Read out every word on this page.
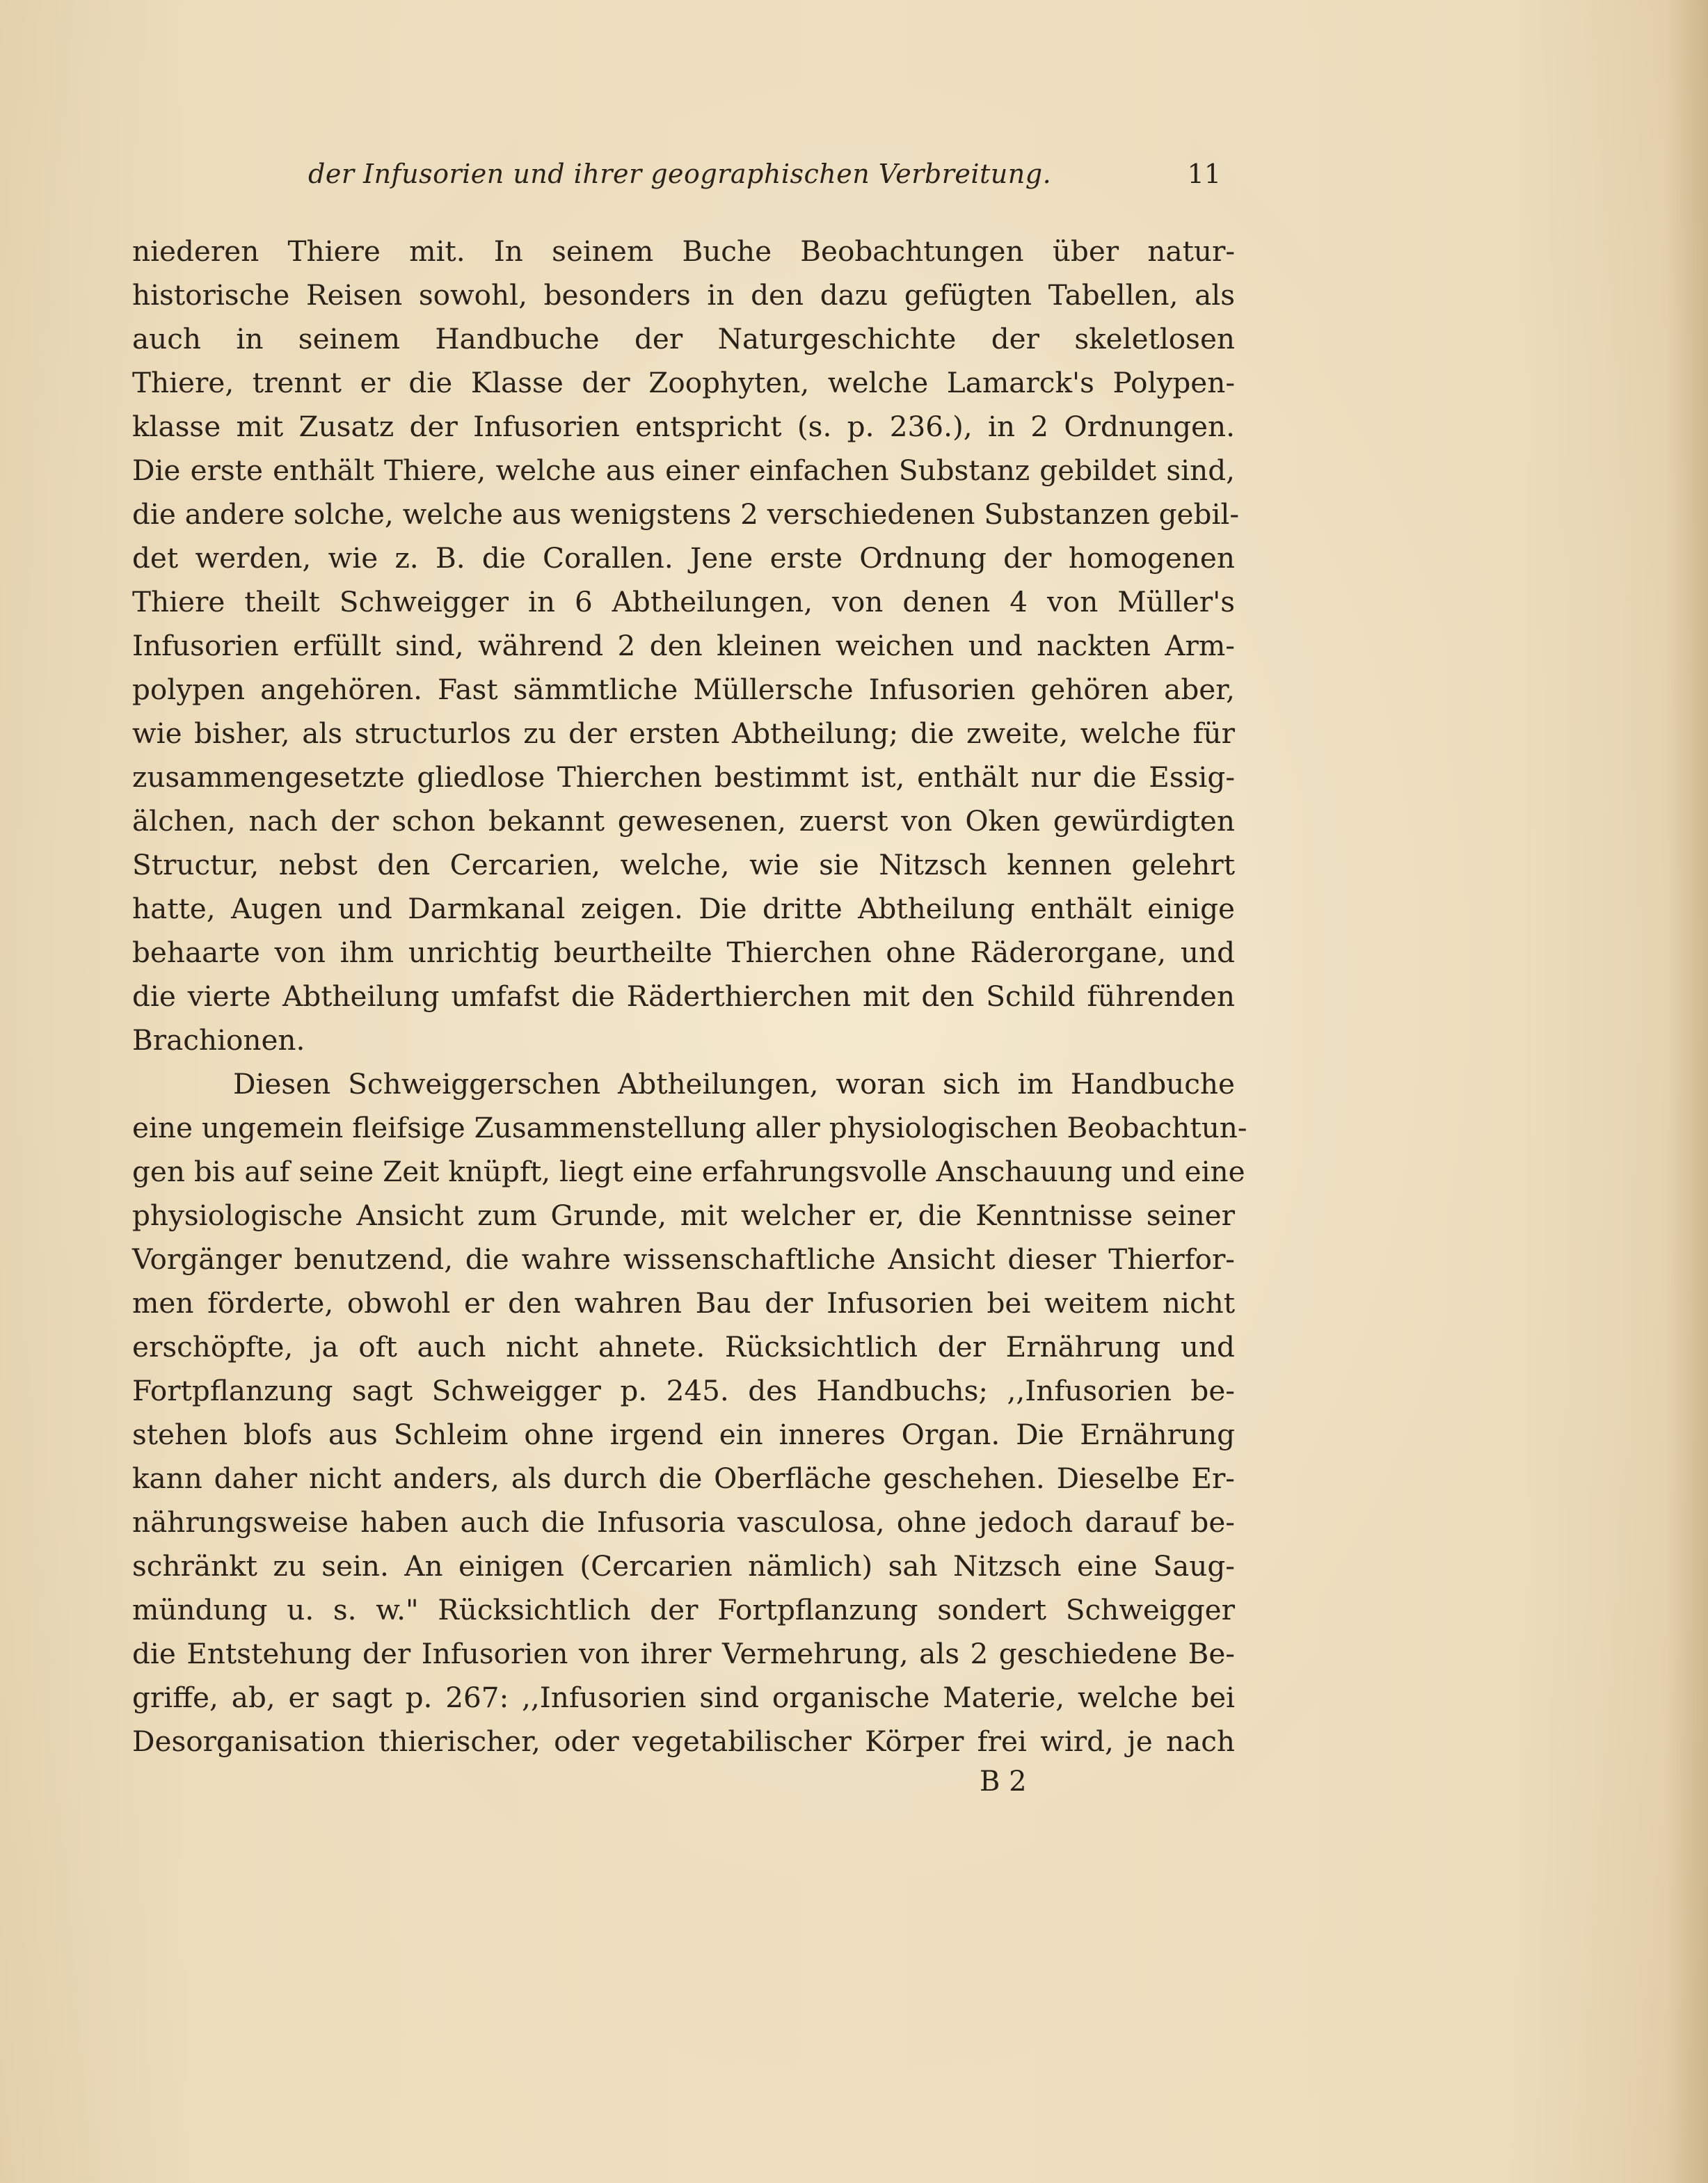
der Infusorien und ihrer geographischen Verbreitung.	11
niederen Thiere mit. In seinem Buche Beobachtungen über natur-
historische Reisen sowohl, besonders in den dazu gefügten Tabellen, als
auch in seinem Handbuche der Naturgeschichte der skeletlosen
Thiere, trennt er die Klasse der Zoophyten, welche Lamarck's Polypen-
klasse mit Zusatz der Infusorien entspricht (s. p. 236.), in 2 Ordnungen.
Die erste enthält Thiere, welche aus einer einfachen Substanz gebildet sind,
die andere solche, welche aus wenigstens 2 verschiedenen Substanzen gebil-
det werden, wie z. B. die Corallen. Jene erste Ordnung der homogenen
Thiere theilt Schweigger in 6 Abtheilungen, von denen 4 von Müller's
Infusorien erfüllt sind, während 2 den kleinen weichen und nackten Arm-
polypen angehören. Fast sämmtliche Müllersche Infusorien gehören aber,
wie bisher, als structurlos zu der ersten Abtheilung; die zweite, welche für
zusammengesetzte gliedlose Thierchen bestimmt ist, enthält nur die Essig-
älchen, nach der schon bekannt gewesenen, zuerst von Oken gewürdigten
Structur, nebst den Cercarien, welche, wie sie Nitzsch kennen gelehrt
hatte, Augen und Darmkanal zeigen. Die dritte Abtheilung enthält einige
behaarte von ihm unrichtig beurtheilte Thierchen ohne Räderorgane, und
die vierte Abtheilung umfafst die Räderthierchen mit den Schild führenden
Brachionen.
Diesen Schweiggerschen Abtheilungen, woran sich im Handbuche
eine ungemein fleifsige Zusammenstellung aller physiologischen Beobachtun-
gen bis auf seine Zeit knüpft, liegt eine erfahrungsvolle Anschauung und eine
physiologische Ansicht zum Grunde, mit welcher er, die Kenntnisse seiner
Vorgänger benutzend, die wahre wissenschaftliche Ansicht dieser Thierfor-
men förderte, obwohl er den wahren Bau der Infusorien bei weitem nicht
erschöpfte, ja oft auch nicht ahnete. Rücksichtlich der Ernährung und
Fortpflanzung sagt Schweigger p. 245. des Handbuchs; ,,Infusorien be-
stehen blofs aus Schleim ohne irgend ein inneres Organ. Die Ernährung
kann daher nicht anders, als durch die Oberfläche geschehen. Dieselbe Er-
nährungsweise haben auch die Infusoria vasculosa, ohne jedoch darauf be-
schränkt zu sein. An einigen (Cercarien nämlich) sah Nitzsch eine Saug-
mündung u. s. w." Rücksichtlich der Fortpflanzung sondert Schweigger
die Entstehung der Infusorien von ihrer Vermehrung, als 2 geschiedene Be-
griffe, ab, er sagt p. 267: ,,Infusorien sind organische Materie, welche bei
Desorganisation thierischer, oder vegetabilischer Körper frei wird, je nach
B 2
